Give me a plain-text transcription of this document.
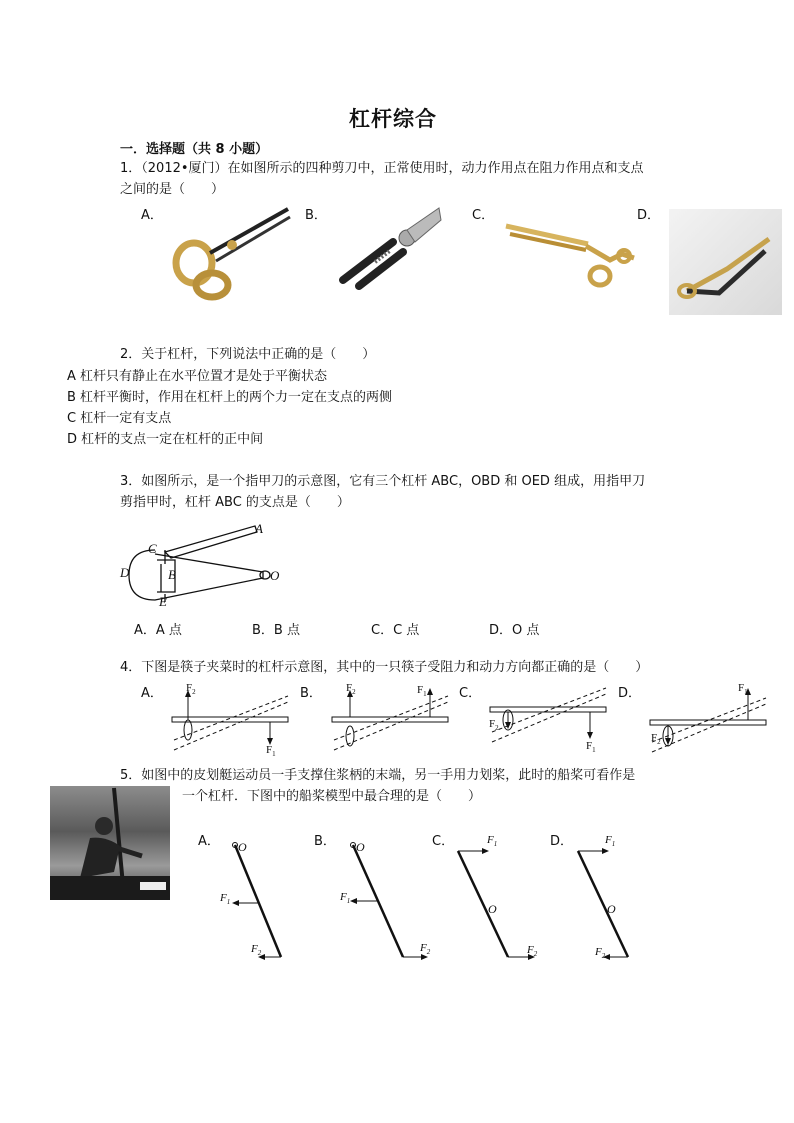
杠杆综合
一．选择题（共 8 小题）
1．（2012•厦门）在如图所示的四种剪刀中，正常使用时，动力作用点在阻力作用点和支点
之间的是（　　）
A．	B．	C．	D．
2．关于杠杆，下列说法中正确的是（　　）
A 杠杆只有静止在水平位置才是处于平衡状态
B 杠杆平衡时，作用在杠杆上的两个力一定在支点的两侧
C 杠杆一定有支点
D 杠杆的支点一定在杠杆的正中间
3．如图所示，是一个指甲刀的示意图，它有三个杠杆 ABC，OBD 和 OED 组成，用指甲刀
剪指甲时，杠杆 ABC 的支点是（　　）
A
C
D	B	O
E
A．A 点	B．B 点	C．C 点	D．O 点
4．下图是筷子夹菜时的杠杆示意图，其中的一只筷子受阻力和动力方向都正确的是（　　）
A．	B．	C．	D．
$F_2$
$F_1$
$F_2$	$F_1$
$F_2$
$F_1$
$F_2$
$F_1$
5．如图中的皮划艇运动员一手支撑住浆柄的末端，另一手用力划桨，此时的船桨可看作是
一个杠杆．下图中的船桨模型中最合理的是（　　）
A．	B．	C．	D．
O
$F_1$
$F_2$
O
$F_1$
$F_2$
O
$F_1$
$F_2$
O
$F_1$
$F_2$
